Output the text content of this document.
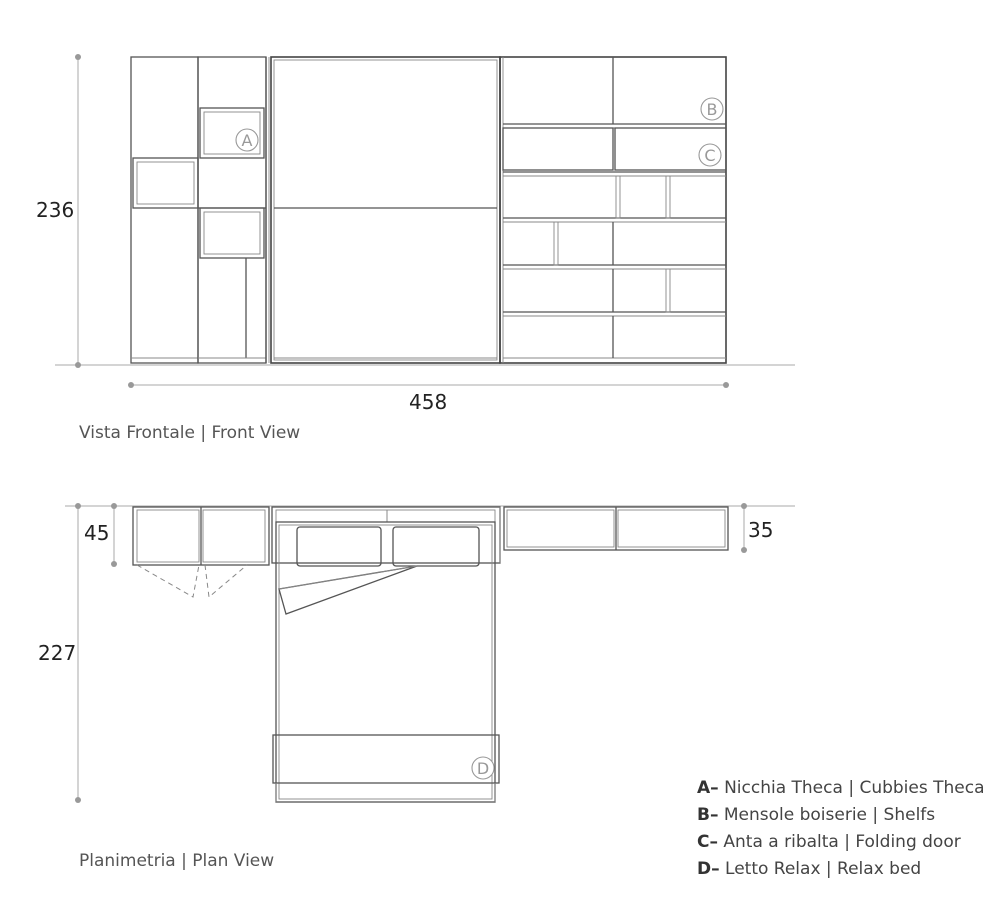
A
B
C
236
458
D
45	35
227
Vista Frontale | Front View
Planimetria | Plan View
A– Nicchia Theca | Cubbies Theca
B– Mensole boiserie | Shelfs
C– Anta a ribalta | Folding door
D– Letto Relax | Relax bed
